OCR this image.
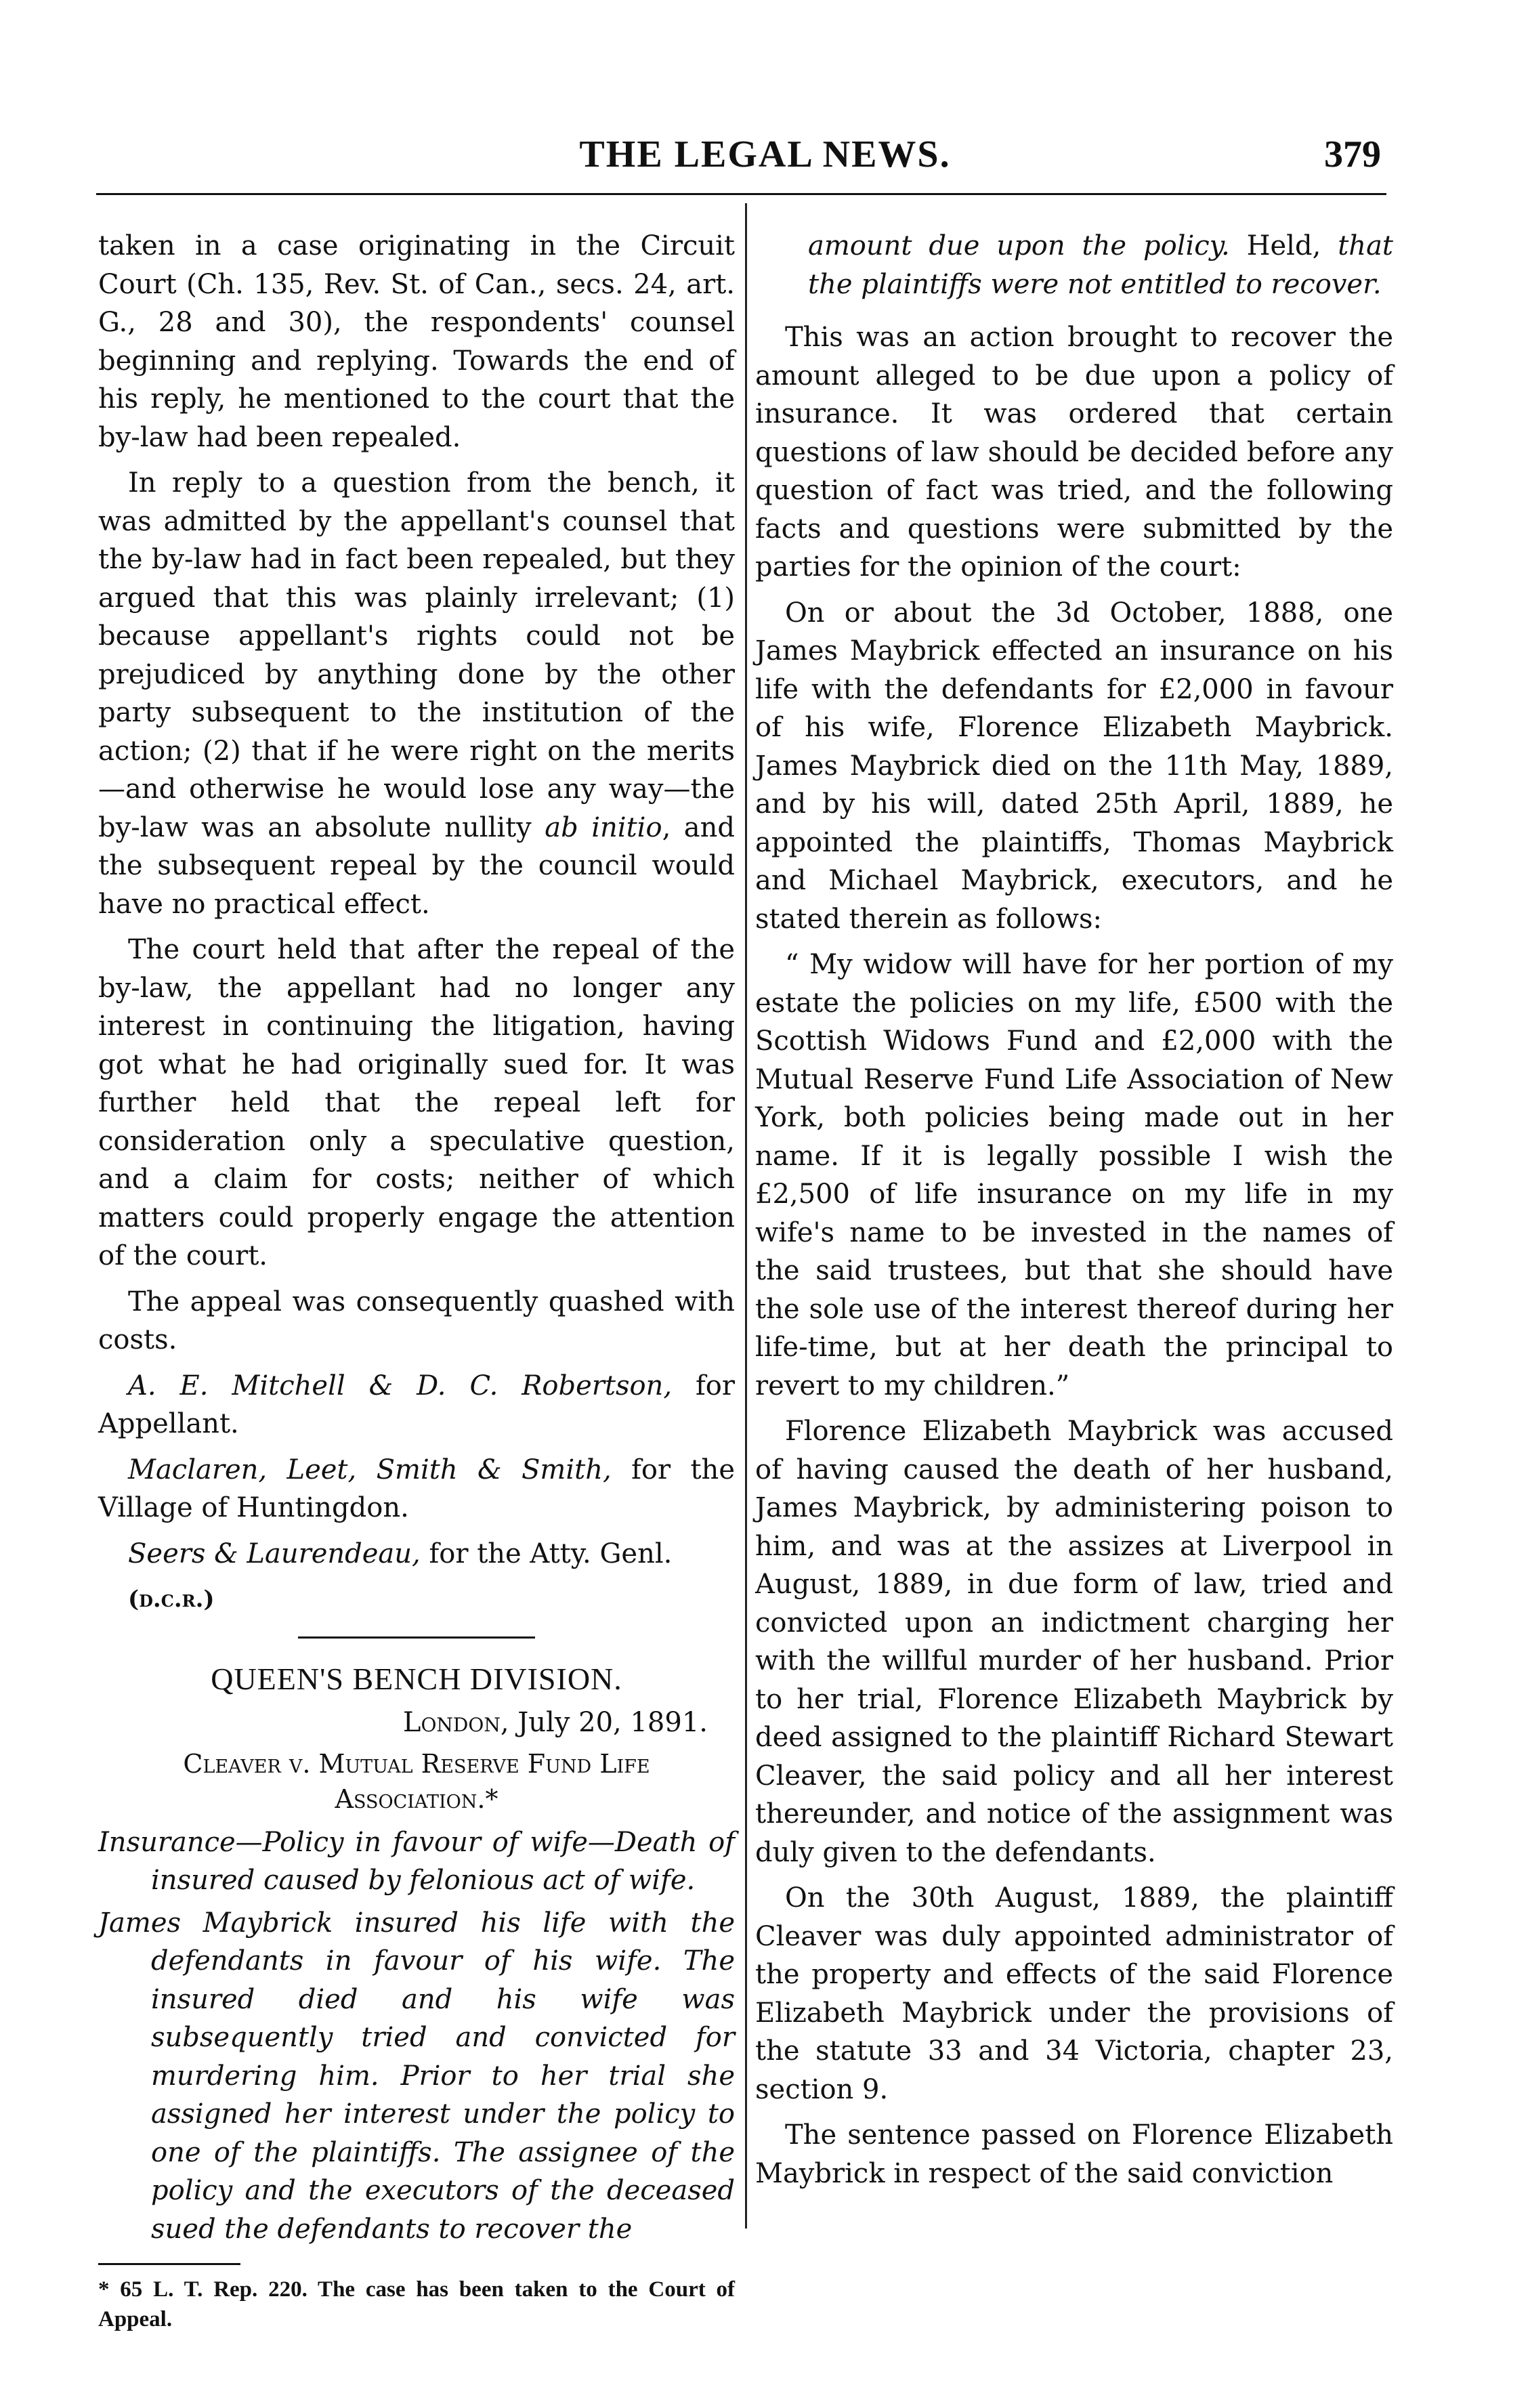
THE LEGAL NEWS.	379

taken in a case originating in the Circuit Court (Ch. 135, Rev. St. of Can., secs. 24, art. G., 28 and 30), the respondents' counsel beginning and replying. Towards the end of his reply, he mentioned to the court that the by-law had been repealed.

In reply to a question from the bench, it was admitted by the appellant's counsel that the by-law had in fact been repealed, but they argued that this was plainly irrelevant; (1) because appellant's rights could not be prejudiced by anything done by the other party subsequent to the institution of the action; (2) that if he were right on the merits —and otherwise he would lose any way—the by-law was an absolute nullity ab initio, and the subsequent repeal by the council would have no practical effect.

The court held that after the repeal of the by-law, the appellant had no longer any interest in continuing the litigation, having got what he had originally sued for. It was further held that the repeal left for consideration only a speculative question, and a claim for costs; neither of which matters could properly engage the attention of the court.

The appeal was consequently quashed with costs.

A. E. Mitchell & D. C. Robertson, for Appellant.

Maclaren, Leet, Smith & Smith, for the Village of Huntingdon.

Seers & Laurendeau, for the Atty. Genl.

(d.c.r.)

QUEEN'S BENCH DIVISION.

London, July 20, 1891.

Cleaver v. Mutual Reserve Fund Life Association.*

Insurance—Policy in favour of wife—Death of insured caused by felonious act of wife.

James Maybrick insured his life with the defendants in favour of his wife. The insured died and his wife was subsequently tried and convicted for murdering him. Prior to her trial she assigned her interest under the policy to one of the plaintiffs. The assignee of the policy and the executors of the deceased sued the defendants to recover the

* 65 L. T. Rep. 220. The case has been taken to the Court of Appeal.

amount due upon the policy. Held, that the plaintiffs were not entitled to recover.

This was an action brought to recover the amount alleged to be due upon a policy of insurance. It was ordered that certain questions of law should be decided before any question of fact was tried, and the following facts and questions were submitted by the parties for the opinion of the court:

On or about the 3d October, 1888, one James Maybrick effected an insurance on his life with the defendants for £2,000 in favour of his wife, Florence Elizabeth Maybrick. James Maybrick died on the 11th May, 1889, and by his will, dated 25th April, 1889, he appointed the plaintiffs, Thomas Maybrick and Michael Maybrick, executors, and he stated therein as follows:

“ My widow will have for her portion of my estate the policies on my life, £500 with the Scottish Widows Fund and £2,000 with the Mutual Reserve Fund Life Association of New York, both policies being made out in her name. If it is legally possible I wish the £2,500 of life insurance on my life in my wife's name to be invested in the names of the said trustees, but that she should have the sole use of the interest thereof during her life-time, but at her death the principal to revert to my children.”

Florence Elizabeth Maybrick was accused of having caused the death of her husband, James Maybrick, by administering poison to him, and was at the assizes at Liverpool in August, 1889, in due form of law, tried and convicted upon an indictment charging her with the willful murder of her husband. Prior to her trial, Florence Elizabeth Maybrick by deed assigned to the plaintiff Richard Stewart Cleaver, the said policy and all her interest thereunder, and notice of the assignment was duly given to the defendants.

On the 30th August, 1889, the plaintiff Cleaver was duly appointed administrator of the property and effects of the said Florence Elizabeth Maybrick under the provisions of the statute 33 and 34 Victoria, chapter 23, section 9.

The sentence passed on Florence Elizabeth Maybrick in respect of the said conviction
